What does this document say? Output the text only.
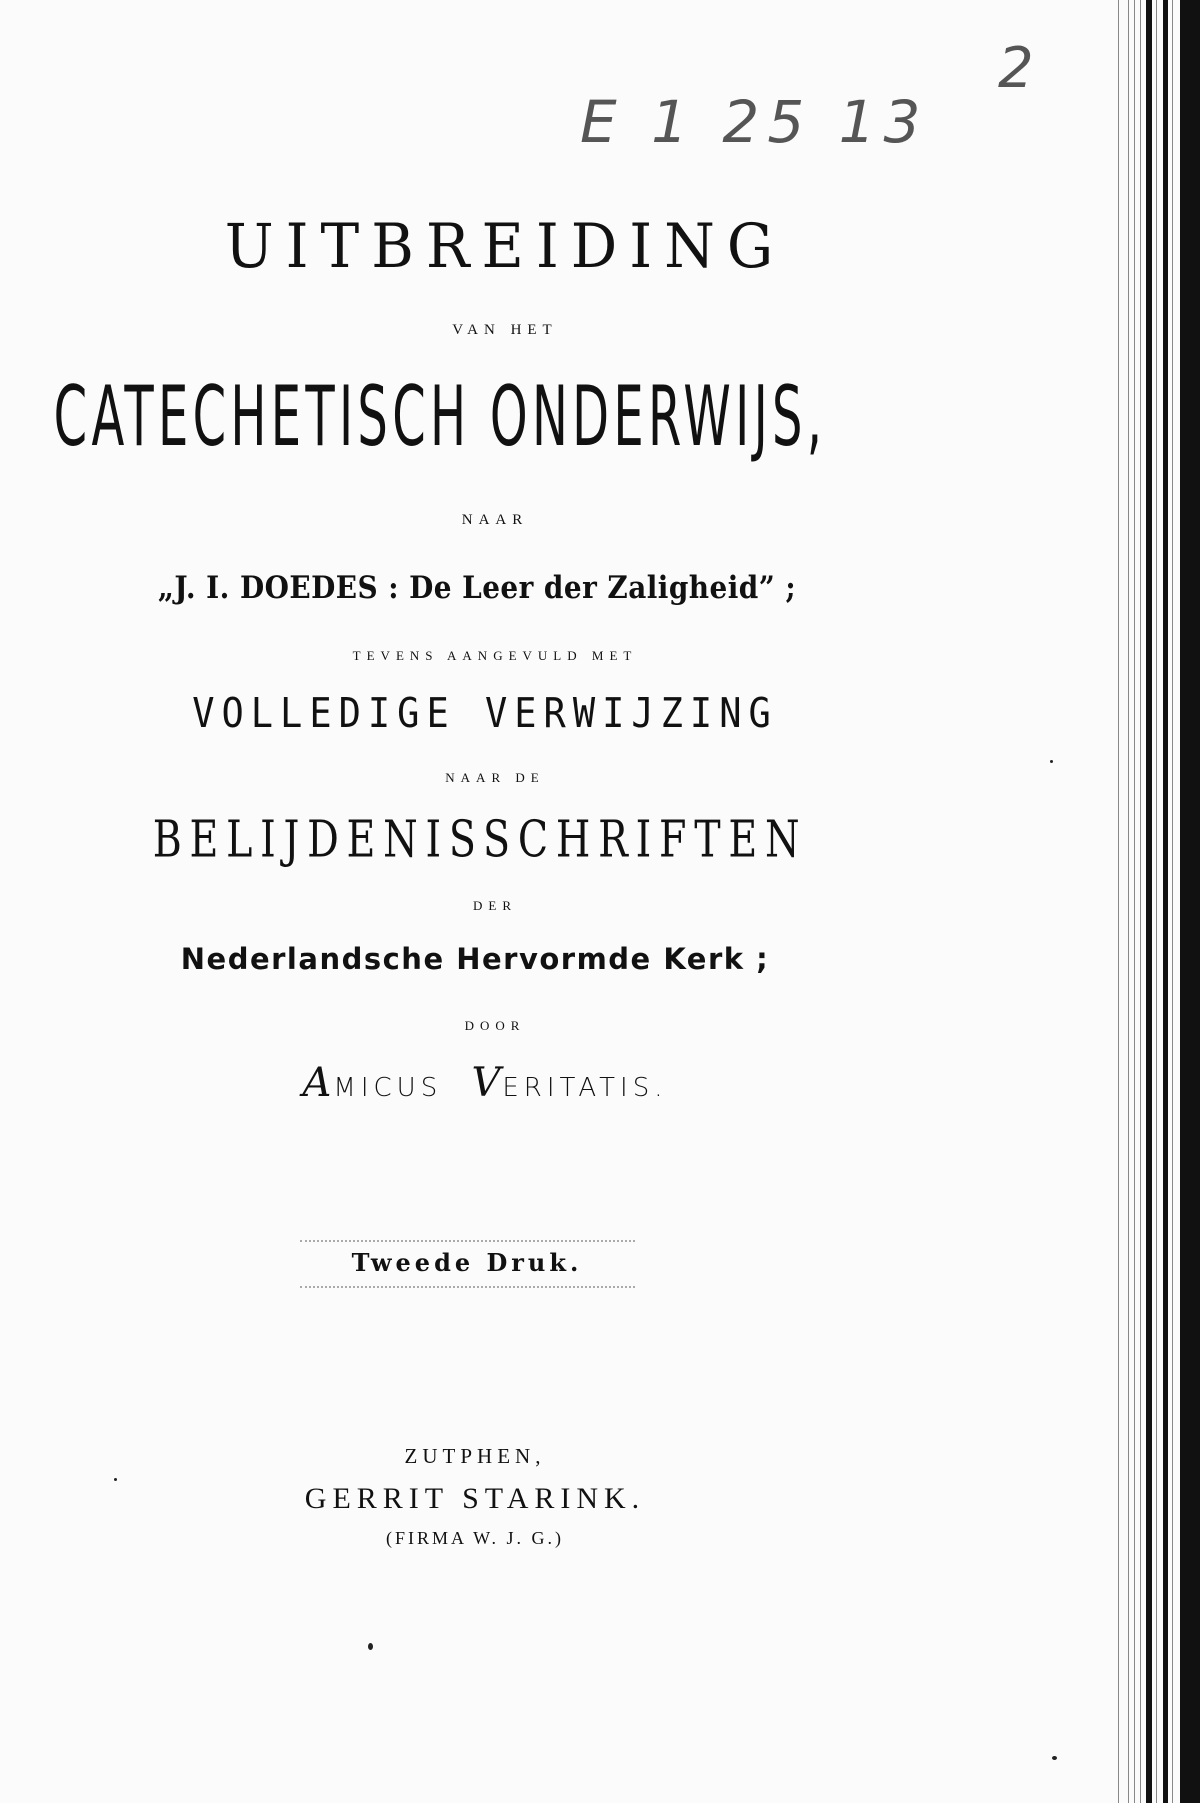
E 1 25 13
2
UITBREIDING
VAN HET
CATECHETISCH ONDERWIJS,
NAAR
„J. I. DOEDES : De Leer der Zaligheid” ;
TEVENS AANGEVULD MET
VOLLEDIGE VERWIJZING
NAAR DE
BELIJDENISSCHRIFTEN
DER
Nederlandsche Hervormde Kerk ;
DOOR
AMICUS VERITATIS.
Tweede Druk.
ZUTPHEN,
GERRIT STARINK.
(FIRMA W. J. G.)
